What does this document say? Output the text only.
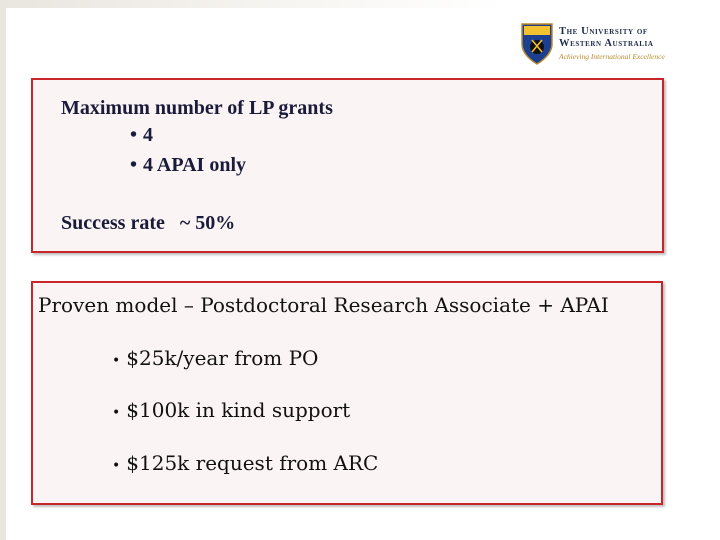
The University of
Western Australia
Achieving International Excellence
Maximum number of LP grants
• 4
• 4 APAI only
Success rate   ~ 50%
Proven model – Postdoctoral Research Associate + APAI
• $25k/year from PO
• $100k in kind support
• $125k request from ARC
